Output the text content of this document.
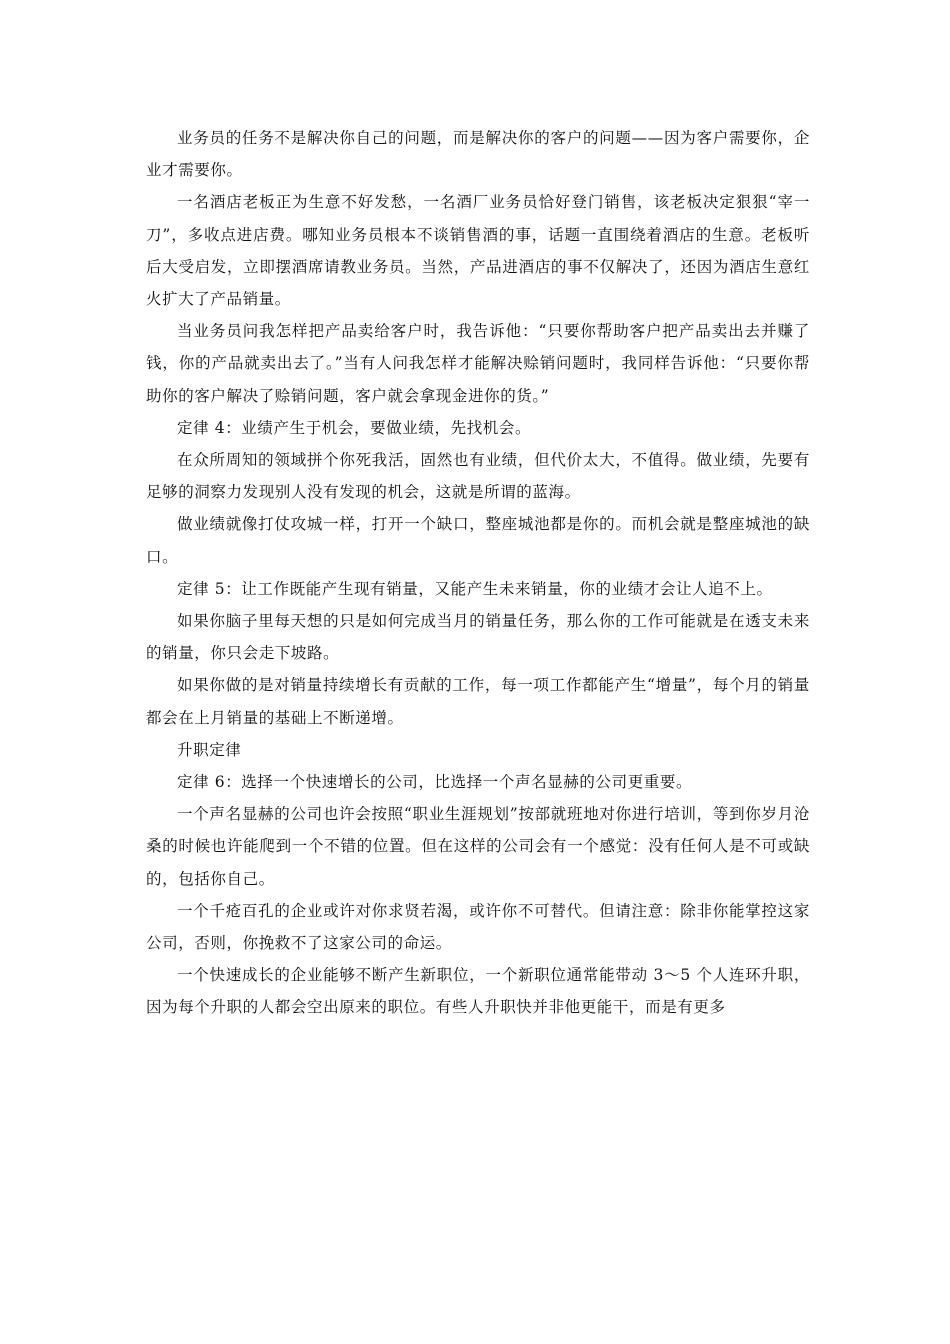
业务员的任务不是解决你自己的问题，而是解决你的客户的问题——因为客户需要你，企业才需要你。

一名酒店老板正为生意不好发愁，一名酒厂业务员恰好登门销售，该老板决定狠狠“宰一刀”，多收点进店费。哪知业务员根本不谈销售酒的事，话题一直围绕着酒店的生意。老板听后大受启发，立即摆酒席请教业务员。当然，产品进酒店的事不仅解决了，还因为酒店生意红火扩大了产品销量。

当业务员问我怎样把产品卖给客户时，我告诉他：“只要你帮助客户把产品卖出去并赚了钱，你的产品就卖出去了。”当有人问我怎样才能解决赊销问题时，我同样告诉他：“只要你帮助你的客户解决了赊销问题，客户就会拿现金进你的货。”

定律 4：业绩产生于机会，要做业绩，先找机会。

在众所周知的领域拼个你死我活，固然也有业绩，但代价太大，不值得。做业绩，先要有足够的洞察力发现别人没有发现的机会，这就是所谓的蓝海。

做业绩就像打仗攻城一样，打开一个缺口，整座城池都是你的。而机会就是整座城池的缺口。

定律 5：让工作既能产生现有销量，又能产生未来销量，你的业绩才会让人追不上。

如果你脑子里每天想的只是如何完成当月的销量任务，那么你的工作可能就是在透支未来的销量，你只会走下坡路。

如果你做的是对销量持续增长有贡献的工作，每一项工作都能产生“增量”，每个月的销量都会在上月销量的基础上不断递增。

升职定律

定律 6：选择一个快速增长的公司，比选择一个声名显赫的公司更重要。

一个声名显赫的公司也许会按照“职业生涯规划”按部就班地对你进行培训，等到你岁月沧桑的时候也许能爬到一个不错的位置。但在这样的公司会有一个感觉：没有任何人是不可或缺的，包括你自己。

一个千疮百孔的企业或许对你求贤若渴，或许你不可替代。但请注意：除非你能掌控这家公司，否则，你挽救不了这家公司的命运。

一个快速成长的企业能够不断产生新职位，一个新职位通常能带动 3～5 个人连环升职，因为每个升职的人都会空出原来的职位。有些人升职快并非他更能干，而是有更多
